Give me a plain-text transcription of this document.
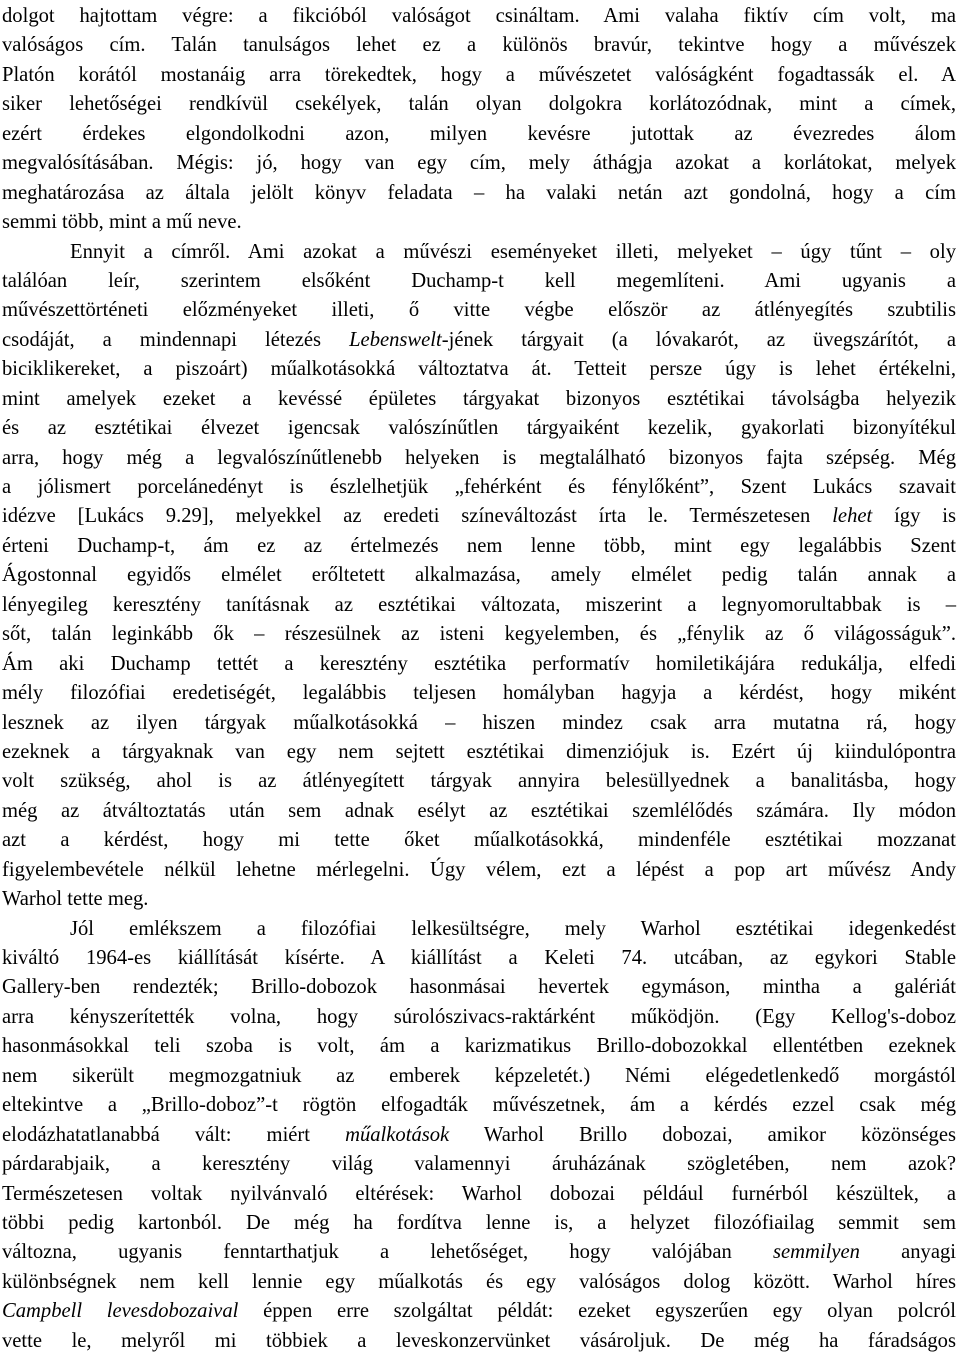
dolgot hajtottam végre: a fikcióból valóságot csináltam. Ami valaha fiktív cím volt, ma
valóságos cím. Talán tanulságos lehet ez a különös bravúr, tekintve hogy a művészek
Platón korától mostanáig arra törekedtek, hogy a művészetet valóságként fogadtassák el. A
siker lehetőségei rendkívül csekélyek, talán olyan dolgokra korlátozódnak, mint a címek,
ezért érdekes elgondolkodni azon, milyen kevésre jutottak az évezredes álom
megvalósításában. Mégis: jó, hogy van egy cím, mely áthágja azokat a korlátokat, melyek
meghatározása az általa jelölt könyv feladata – ha valaki netán azt gondolná, hogy a cím
semmi több, mint a mű neve.
Ennyit a címről. Ami azokat a művészi eseményeket illeti, melyeket – úgy tűnt – oly
találóan leír, szerintem elsőként Duchamp-t kell megemlíteni. Ami ugyanis a
művészettörténeti előzményeket illeti, ő vitte végbe először az átlényegítés szubtilis
csodáját, a mindennapi létezés Lebenswelt-jének tárgyait (a lóvakarót, az üvegszárítót, a
biciklikereket, a piszoárt) műalkotásokká változtatva át. Tetteit persze úgy is lehet értékelni,
mint amelyek ezeket a kevéssé épületes tárgyakat bizonyos esztétikai távolságba helyezik
és az esztétikai élvezet igencsak valószínűtlen tárgyaiként kezelik, gyakorlati bizonyítékul
arra, hogy még a legvalószínűtlenebb helyeken is megtalálható bizonyos fajta szépség. Még
a jólismert porcelánedényt is észlelhetjük „fehérként és fénylőként”, Szent Lukács szavait
idézve [Lukács 9.29], melyekkel az eredeti színeváltozást írta le. Természetesen lehet így is
érteni Duchamp-t, ám ez az értelmezés nem lenne több, mint egy legalábbis Szent
Ágostonnal egyidős elmélet erőltetett alkalmazása, amely elmélet pedig talán annak a
lényegileg keresztény tanításnak az esztétikai változata, miszerint a legnyomorultabbak is –
sőt, talán leginkább ők – részesülnek az isteni kegyelemben, és „fénylik az ő világosságuk”.
Ám aki Duchamp tettét a keresztény esztétika performatív homiletikájára redukálja, elfedi
mély filozófiai eredetiségét, legalábbis teljesen homályban hagyja a kérdést, hogy miként
lesznek az ilyen tárgyak műalkotásokká – hiszen mindez csak arra mutatna rá, hogy
ezeknek a tárgyaknak van egy nem sejtett esztétikai dimenziójuk is. Ezért új kiindulópontra
volt szükség, ahol is az átlényegített tárgyak annyira belesüllyednek a banalitásba, hogy
még az átváltoztatás után sem adnak esélyt az esztétikai szemlélődés számára. Ily módon
azt a kérdést, hogy mi tette őket műalkotásokká, mindenféle esztétikai mozzanat
figyelembevétele nélkül lehetne mérlegelni. Úgy vélem, ezt a lépést a pop art művész Andy
Warhol tette meg.
Jól emlékszem a filozófiai lelkesültségre, mely Warhol esztétikai idegenkedést
kiváltó 1964-es kiállítását kísérte. A kiállítást a Keleti 74. utcában, az egykori Stable
Gallery-ben rendezték; Brillo-dobozok hasonmásai hevertek egymáson, mintha a galériát
arra kényszerítették volna, hogy súrolószivacs-raktárként működjön. (Egy Kellog's-doboz
hasonmásokkal teli szoba is volt, ám a karizmatikus Brillo-dobozokkal ellentétben ezeknek
nem sikerült megmozgatniuk az emberek képzeletét.) Némi elégedetlenkedő morgástól
eltekintve a „Brillo-doboz”-t rögtön elfogadták művészetnek, ám a kérdés ezzel csak még
elodázhatatlanabbá vált: miért műalkotások Warhol Brillo dobozai, amikor közönséges
párdarabjaik, a keresztény világ valamennyi áruházának szögletében, nem azok?
Természetesen voltak nyilvánvaló eltérések: Warhol dobozai például furnérból készültek, a
többi pedig kartonból. De még ha fordítva lenne is, a helyzet filozófiailag semmit sem
változna, ugyanis fenntarthatjuk a lehetőséget, hogy valójában semmilyen anyagi
különbségnek nem kell lennie egy műalkotás és egy valóságos dolog között. Warhol híres
Campbell levesdobozaival éppen erre szolgáltat példát: ezeket egyszerűen egy olyan polcról
vette le, melyről mi többiek a leveskonzervünket vásároljuk. De még ha fáradságos
